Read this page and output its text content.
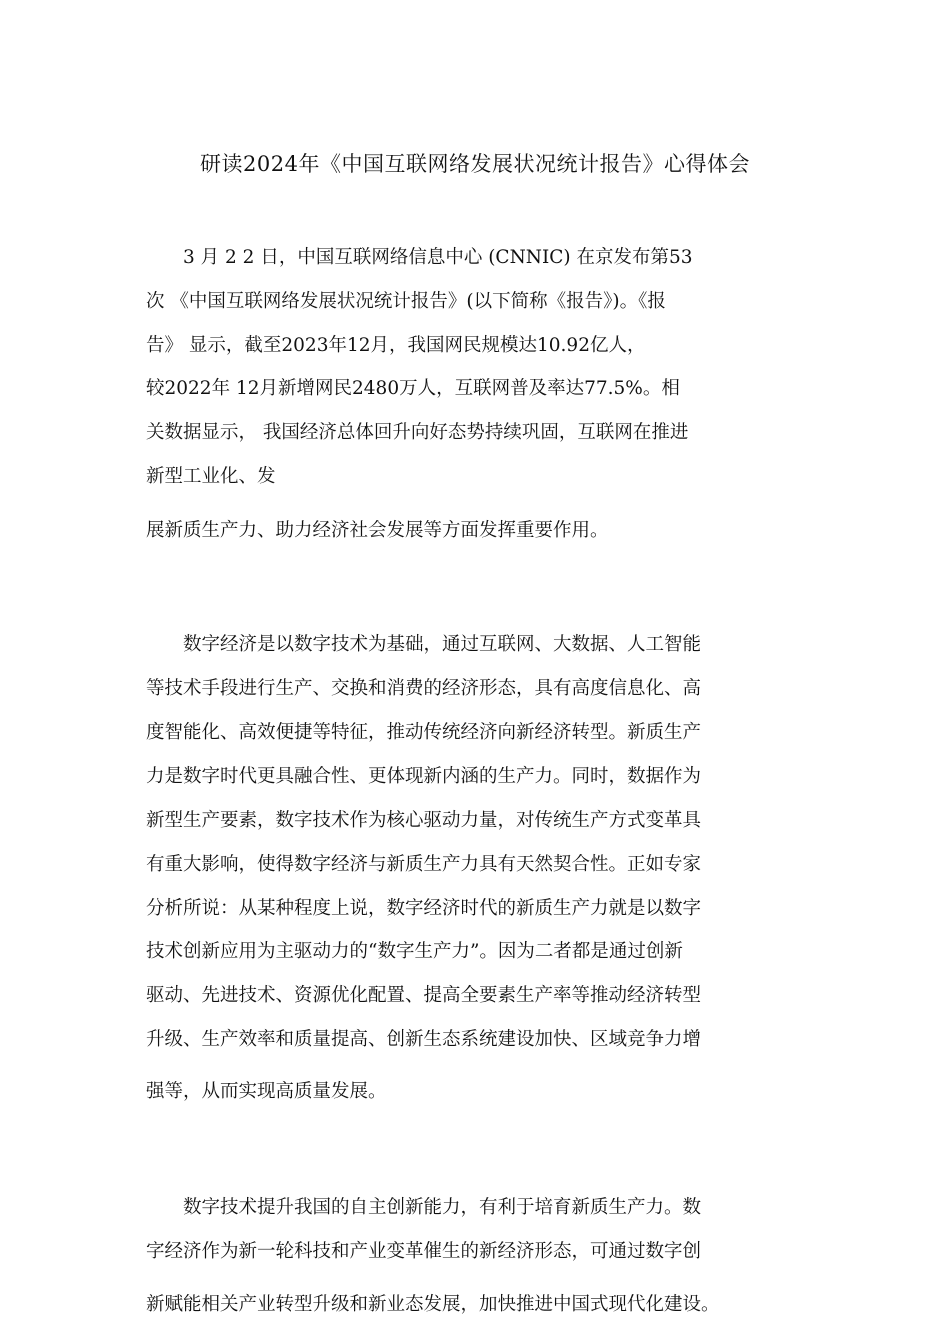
研读2024年《中国互联网络发展状况统计报告》心得体会
3 月 2 2 日，中国互联网络信息中心 (CNNIC) 在京发布第53
次 《中国互联网络发展状况统计报告》(以下简称《报告》)。《报
告》 显示，截至2023年12月，我国网民规模达10.92亿人，
较2022年 12月新增网民2480万人，互联网普及率达77.5%。相
关数据显示， 我国经济总体回升向好态势持续巩固，互联网在推进
新型工业化、发
展新质生产力、助力经济社会发展等方面发挥重要作用。
数字经济是以数字技术为基础，通过互联网、大数据、人工智能
等技术手段进行生产、交换和消费的经济形态，具有高度信息化、高
度智能化、高效便捷等特征，推动传统经济向新经济转型。新质生产
力是数字时代更具融合性、更体现新内涵的生产力。同时，数据作为
新型生产要素，数字技术作为核心驱动力量，对传统生产方式变革具
有重大影响，使得数字经济与新质生产力具有天然契合性。正如专家
分析所说：从某种程度上说，数字经济时代的新质生产力就是以数字
技术创新应用为主驱动力的“数字生产力”。因为二者都是通过创新
驱动、先进技术、资源优化配置、提高全要素生产率等推动经济转型
升级、生产效率和质量提高、创新生态系统建设加快、区域竞争力增
强等，从而实现高质量发展。
数字技术提升我国的自主创新能力，有利于培育新质生产力。数
字经济作为新一轮科技和产业变革催生的新经济形态，可通过数字创
新赋能相关产业转型升级和新业态发展，加快推进中国式现代化建设。
